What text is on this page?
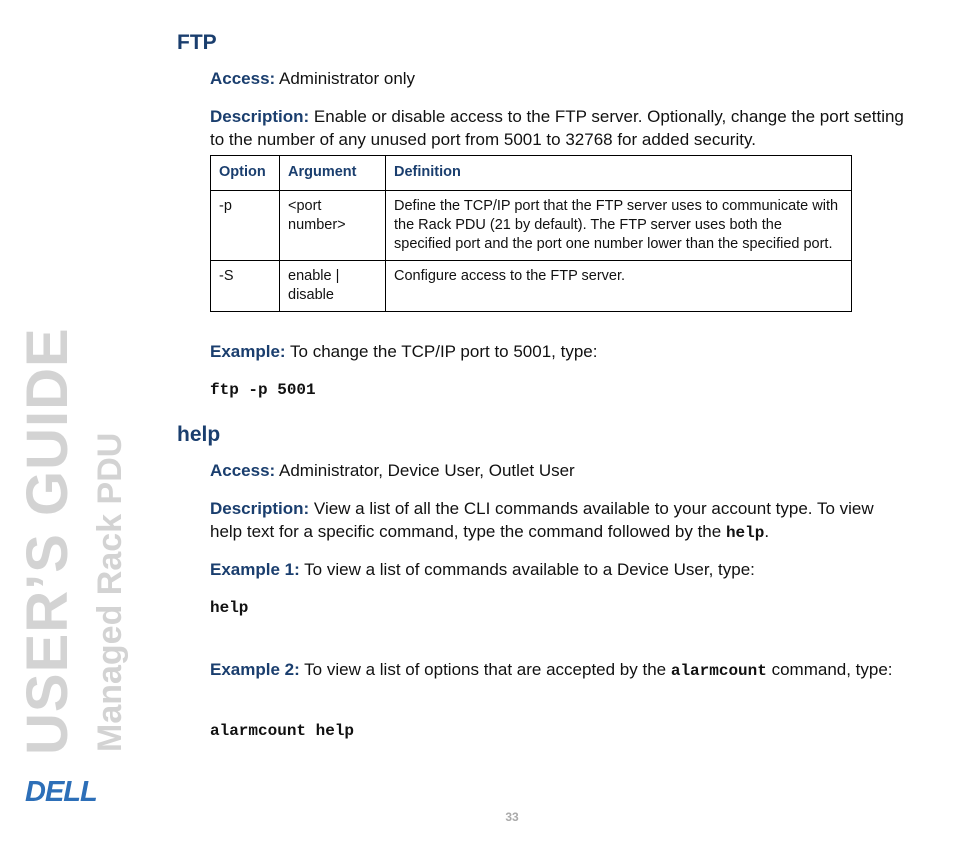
USER’S GUIDE Managed Rack PDU
DELL
FTP
Access: Administrator only
Description: Enable or disable access to the FTP server. Optionally, change the port setting to the number of any unused port from 5001 to 32768 for added security.
Option	Argument	Definition
-p	<port number>	Define the TCP/IP port that the FTP server uses to communicate with the Rack PDU (21 by default). The FTP server uses both the specified port and the port one number lower than the specified port.
-S	enable | disable	Configure access to the FTP server.
Example: To change the TCP/IP port to 5001, type:
ftp -p 5001
help
Access: Administrator, Device User, Outlet User
Description: View a list of all the CLI commands available to your account type. To view help text for a specific command, type the command followed by the help.
Example 1: To view a list of commands available to a Device User, type:
help
Example 2: To view a list of options that are accepted by the alarmcount command, type:
alarmcount help
33
